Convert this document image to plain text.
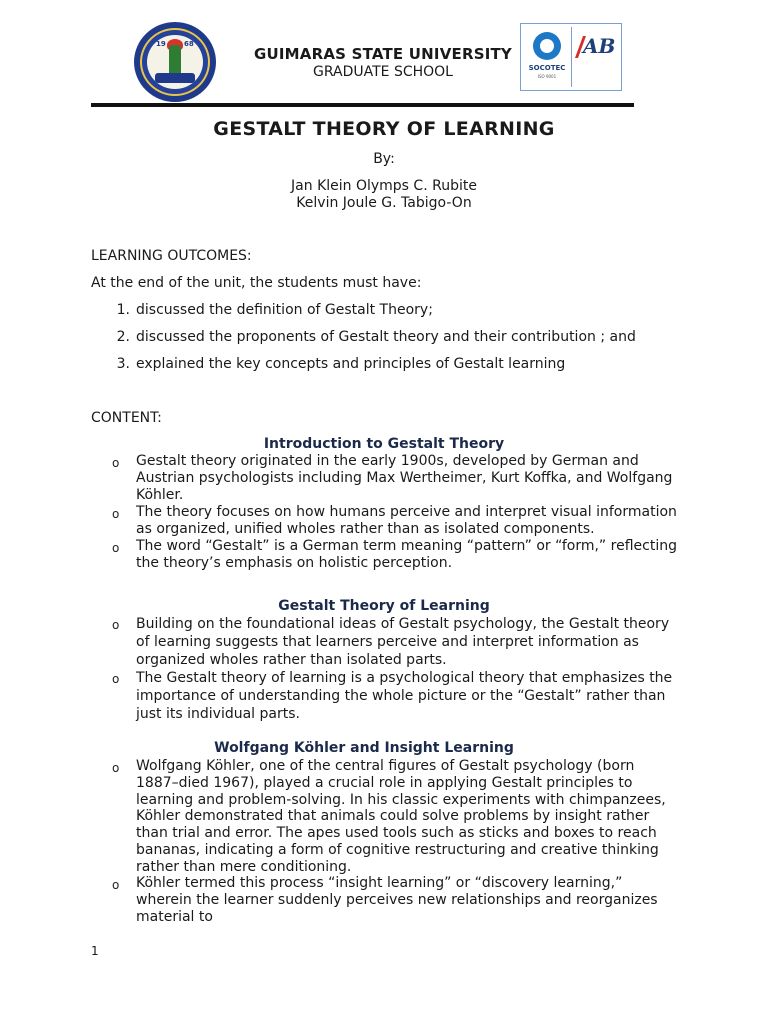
19	68
GUIMARAS STATE UNIVERSITY
GRADUATE SCHOOL	SOCOTEC
ISO 9001
AB
GESTALT THEORY OF LEARNING
By:
Jan Klein Olymps C. Rubite
Kelvin Joule G. Tabigo-On
LEARNING OUTCOMES:
At the end of the unit, the students must have:
1. discussed the definition of Gestalt Theory;
2. discussed the proponents of Gestalt theory and their contribution ; and
3. explained the key concepts and principles of Gestalt learning
CONTENT:
Introduction to Gestalt Theory
o Gestalt theory originated in the early 1900s, developed by German and Austrian psychologists including Max Wertheimer, Kurt Koffka, and Wolfgang Köhler.
o The theory focuses on how humans perceive and interpret visual information as organized, unified wholes rather than as isolated components.
o The word “Gestalt” is a German term meaning “pattern” or “form,” reflecting the theory’s emphasis on holistic perception.
Gestalt Theory of Learning
o Building on the foundational ideas of Gestalt psychology, the Gestalt theory of learning suggests that learners perceive and interpret information as organized wholes rather than isolated parts.
o The Gestalt theory of learning is a psychological theory that emphasizes the importance of understanding the whole picture or the “Gestalt” rather than just its individual parts.
Wolfgang Köhler and Insight Learning
o Wolfgang Köhler, one of the central figures of Gestalt psychology (born 1887–died 1967), played a crucial role in applying Gestalt principles to learning and problem-solving. In his classic experiments with chimpanzees, Köhler demonstrated that animals could solve problems by insight rather than trial and error. The apes used tools such as sticks and boxes to reach bananas, indicating a form of cognitive restructuring and creative thinking rather than mere conditioning.
o Köhler termed this process “insight learning” or “discovery learning,” wherein the learner suddenly perceives new relationships and reorganizes material to
1
